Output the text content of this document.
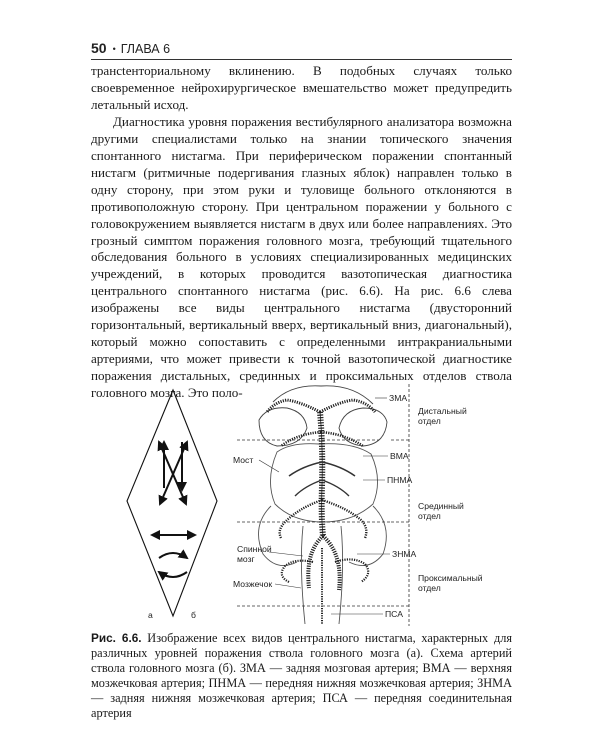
50 • ГЛАВА 6

трансtенториальному вклинению. В подобных случаях только своевременное нейрохирургическое вмешательство может предупредить летальный исход.

Диагностика уровня поражения вестибулярного анализатора возможна другими специалистами только на знании топического значения спонтанного нистагма. При периферическом поражении спонтанный нистагм (ритмичные подергивания глазных яблок) направлен только в одну сторону, при этом руки и туловище больного отклоняются в противоположную сторону. При центральном поражении у больного с головокружением выявляется нистагм в двух или более направлениях. Это грозный симптом поражения головного мозга, требующий тщательного обследования больного в условиях специализированных медицинских учреждений, в которых проводится вазотопическая диагностика центрального спонтанного нистагма (рис. 6.6). На рис. 6.6 слева изображены все виды центрального нистагма (двусторонний горизонтальный, вертикальный вверх, вертикальный вниз, диагональный), который можно сопоставить с определенными интракраниальными артериями, что может привести к точной вазотопической диагностике поражения дистальных, срединных и проксимальных отделов ствола головного мозга. Это поло-

а	б
Мост
Спинной
мозг
Мозжечок
ЗМА
ВМА
ПНМА
ЗНМА
ПСА
Дистальный
отдел
Срединный
отдел
Проксимальный
отдел
Рис. 6.6. Изображение всех видов центрального нистагма, характерных для различных уровней поражения ствола головного мозга (а). Схема артерий ствола головного мозга (б). ЗМА — задняя мозговая артерия; ВМА — верхняя мозжечковая артерия; ПНМА — передняя нижняя мозжечковая артерия; ЗНМА — задняя нижняя мозжечковая артерия; ПСА — передняя соединительная артерия
